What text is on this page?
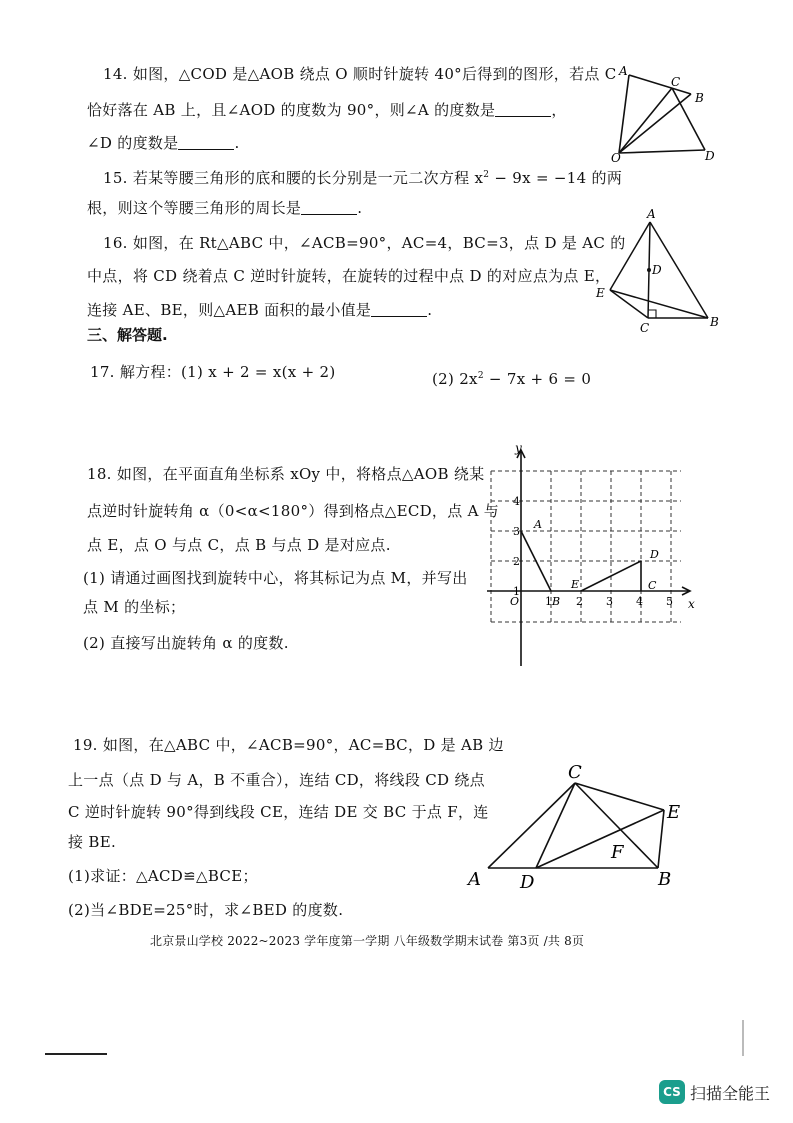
14. 如图，△COD 是△AOB 绕点 O 顺时针旋转 40°后得到的图形，若点 C
恰好落在 AB 上，且∠AOD 的度数为 90°，则∠A 的度数是	，
∠D 的度数是	.
A
C
B
O	D
15. 若某等腰三角形的底和腰的长分别是一元二次方程 $x^2 - 9x = -14$ 的两
根，则这个等腰三角形的周长是	.
16. 如图，在 Rt△ABC 中，∠ACB=90°，AC=4，BC=3，点 D 是 AC 的
中点，将 CD 绕着点 C 逆时针旋转，在旋转的过程中点 D 的对应点为点 E，
连接 AE、BE，则△AEB 面积的最小值是	.
A
D
E
C	B
三、解答题.
17. 解方程：(1) x + 2 = x(x + 2)	(2) $2x^2 - 7x + 6 = 0$
18. 如图，在平面直角坐标系 xOy 中，将格点△AOB 绕某
点逆时针旋转角 α（0<α<180°）得到格点△ECD，点 A 与
点 E，点 O 与点 C，点 B 与点 D 是对应点.
(1) 请通过画图找到旋转中心，将其标记为点 M，并写出
点 M 的坐标；
(2) 直接写出旋转角 α 的度数.
y
x
O
1
2
3
4
1 2 3 4 5
A
B
E
D
C
19. 如图，在△ABC 中，∠ACB=90°，AC=BC，D 是 AB 边
上一点（点 D 与 A，B 不重合），连结 CD，将线段 CD 绕点
C 逆时针旋转 90°得到线段 CE，连结 DE 交 BC 于点 F，连
接 BE.
(1)求证：△ACD≌△BCE；
(2)当∠BDE=25°时，求∠BED 的度数.
C
E
F
A D	B
北京景山学校 2022~2023 学年度第一学期 八年级数学期末试卷 第3页 /共 8页
CS 扫描全能王
